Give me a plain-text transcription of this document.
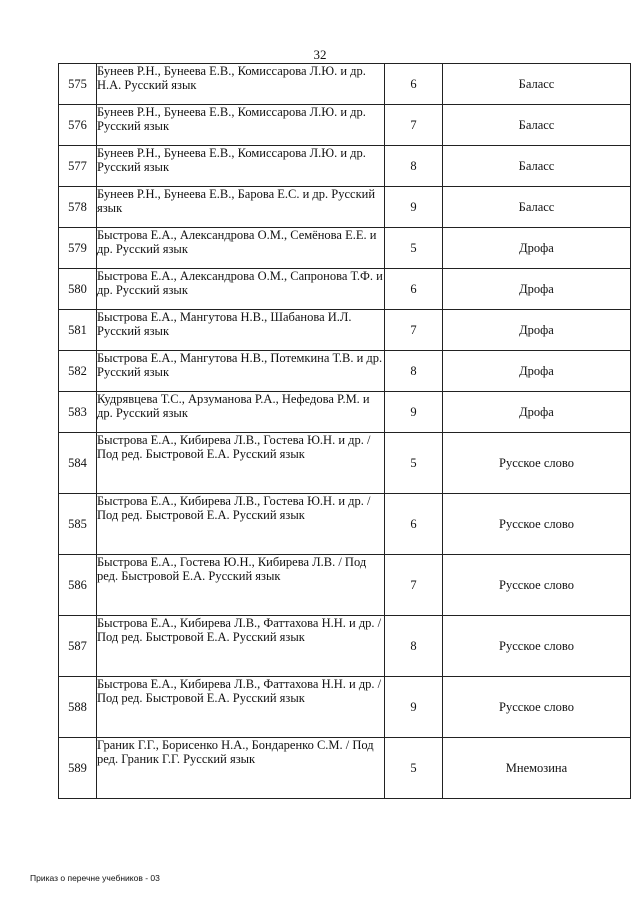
32
575	Бунеев Р.Н., Бунеева Е.В., Комиссарова Л.Ю. и др. Н.А. Русский язык	6	Баласс
576	Бунеев Р.Н., Бунеева Е.В., Комиссарова Л.Ю. и др. Русский язык	7	Баласс
577	Бунеев Р.Н., Бунеева Е.В., Комиссарова Л.Ю. и др. Русский язык	8	Баласс
578	Бунеев Р.Н., Бунеева Е.В., Барова Е.С. и др. Русский язык	9	Баласс
579	Быстрова Е.А., Александрова О.М., Семёнова Е.Е. и др. Русский язык	5	Дрофа
580	Быстрова Е.А., Александрова О.М., Сапронова Т.Ф. и др. Русский язык	6	Дрофа
581	Быстрова Е.А., Мангутова Н.В., Шабанова И.Л. Русский язык	7	Дрофа
582	Быстрова Е.А., Мангутова Н.В., Потемкина Т.В. и др. Русский язык	8	Дрофа
583	Кудрявцева Т.С., Арзуманова Р.А., Нефедова Р.М. и др. Русский язык	9	Дрофа
584	Быстрова Е.А., Кибирева Л.В., Гостева Ю.Н. и др. / Под ред. Быстровой Е.А. Русский язык	5	Русское слово
585	Быстрова Е.А., Кибирева Л.В., Гостева Ю.Н. и др. / Под ред. Быстровой Е.А. Русский язык	6	Русское слово
586	Быстрова Е.А., Гостева Ю.Н., Кибирева Л.В. / Под ред. Быстровой Е.А. Русский язык	7	Русское слово
587	Быстрова Е.А., Кибирева Л.В., Фаттахова Н.Н. и др. / Под ред. Быстровой Е.А. Русский язык	8	Русское слово
588	Быстрова Е.А., Кибирева Л.В., Фаттахова Н.Н. и др. / Под ред. Быстровой Е.А. Русский язык	9	Русское слово
589	Граник Г.Г., Борисенко Н.А., Бондаренко С.М. / Под ред. Граник Г.Г. Русский язык	5	Мнемозина
Приказ о перечне учебников - 03
